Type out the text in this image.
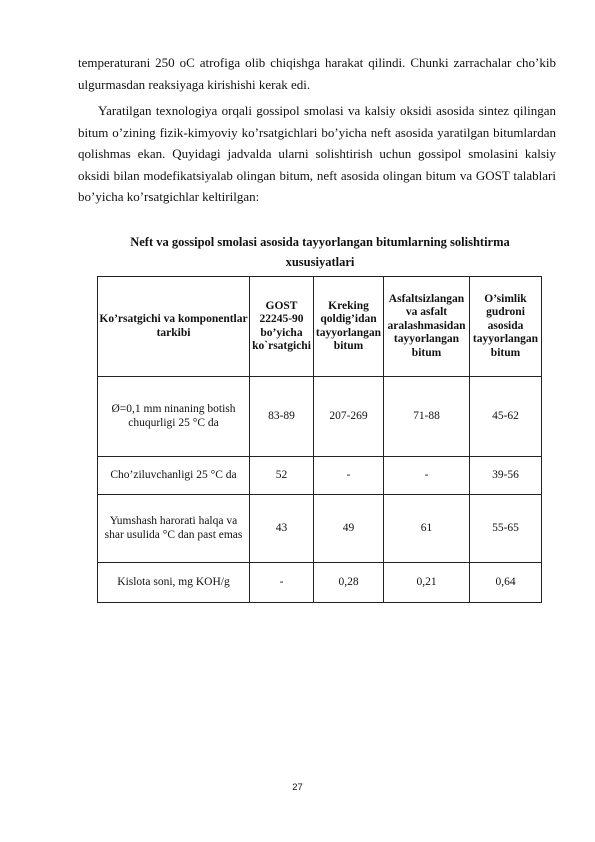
temperaturani 250 oC atrofiga olib chiqishga harakat qilindi. Chunki zarrachalar cho’kib ulgurmasdan reaksiyaga kirishishi kerak edi.

Yaratilgan texnologiya orqali gossipol smolasi va kalsiy oksidi asosida sintez qilingan bitum o’zining fizik-kimyoviy ko’rsatgichlari bo’yicha neft asosida yaratilgan bitumlardan qolishmas ekan. Quyidagi jadvalda ularni solishtirish uchun gossipol smolasini kalsiy oksidi bilan modefikatsiyalab olingan bitum, neft asosida olingan bitum va GOST talablari bo’yicha ko’rsatgichlar keltirilgan:

Neft va gossipol smolasi asosida tayyorlangan bitumlarning solishtirma xususiyatlari

Ko’rsatgichi va komponentlar tarkibi	GOST 22245-90 bo’yicha ko`rsatgichi	Kreking qoldig’idan tayyorlangan bitum	Asfaltsizlangan va asfalt aralashmasidan tayyorlangan bitum	O’simlik gudroni asosida tayyorlangan bitum
Ø=0,1 mm ninaning botish chuqurligi 25 °C da	83-89	207-269	71-88	45-62
Cho’ziluvchanligi 25 °C da	52	-	-	39-56
Yumshash harorati halqa va shar usulida °C dan past emas	43	49	61	55-65
Kislota soni, mg KOH/g	-	0,28	0,21	0,64
27
